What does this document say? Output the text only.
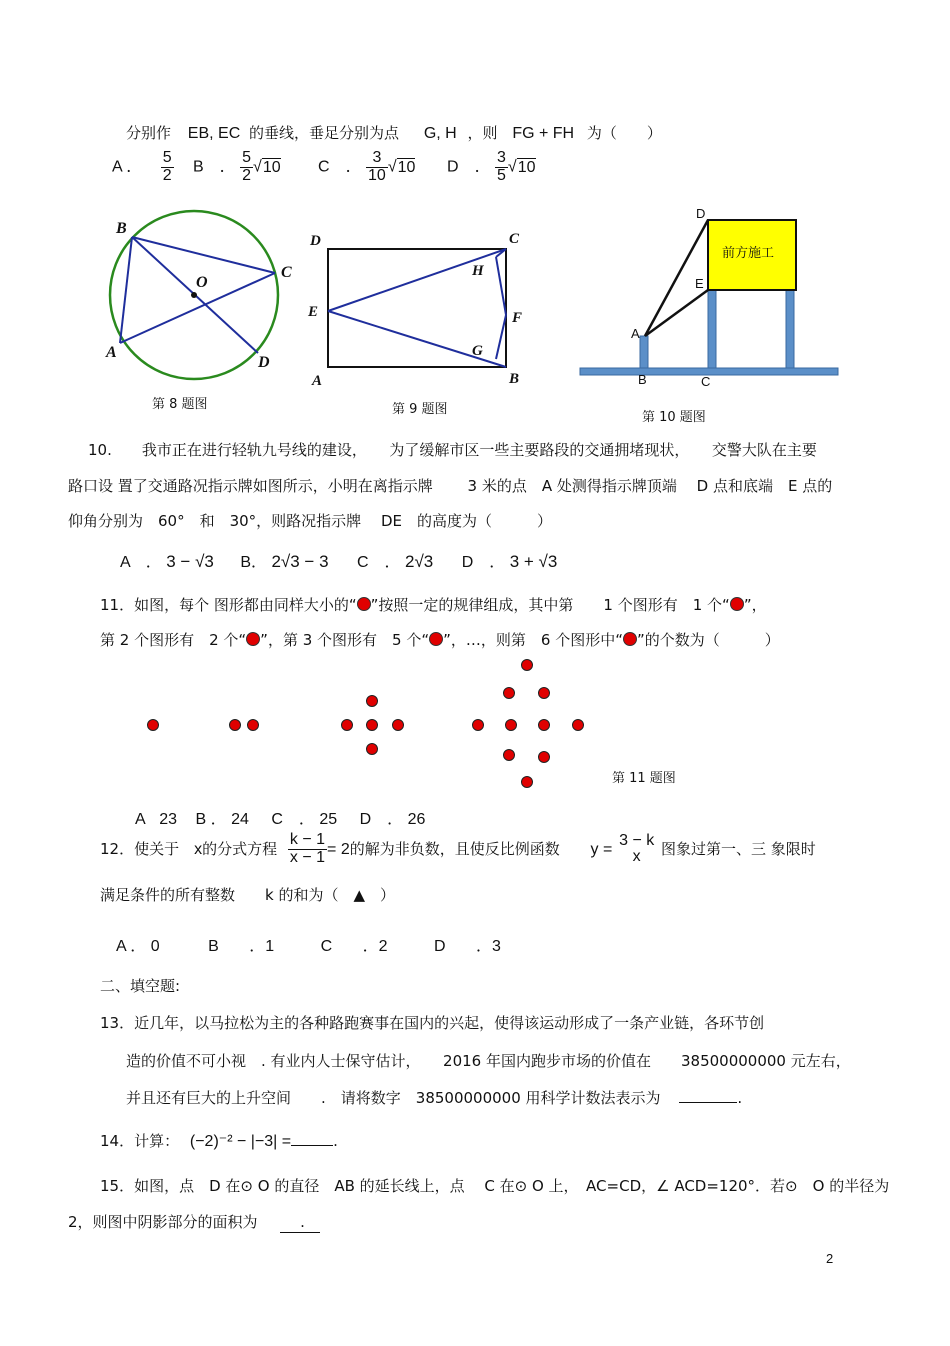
分别作 EB, EC 的垂线，垂足分别为点 G, H ，则 FG + FH 为（　　）
A ． $\frac{5}{2}$ B　． $\frac{5}{2} √10$ C　． $\frac{3}{10} √10$ D　． $\frac{3}{5} √10$
B
C
O
A
D
第 8 题图
D	C
H
E	F
G
A	B
第 9 题图
前方施工
D
E
A
B	C
第 10 题图
10.　　我市正在进行轻轨九号线的建设，　　为了缓解市区一些主要路段的交通拥堵现状，　　交警大队在主要
路口设 置了交通路况指示牌如图所示，小明在离指示牌　　 3 米的点　A 处测得指示牌顶端　 D 点和底端　E 点的
仰角分别为　60°　和　30°，则路况指示牌　 DE　的高度为（　　　）
A　． 3 − √3 B． 2√3 − 3 C　． 2√3 D　． 3 + √3
11．如图，每个 图形都由同样大小的“ ”按照一定的规律组成，其中第　　1 个图形有　1 个“ ”，
第 2 个图形有　2 个“ ”，第 3 个图形有　5 个“ ”，…，则第　6 个图形中“ ”的个数为（　　　）
第 11 题图
A 23 B ． 24 C　． 25 D　． 26
12．使关于　x的分式方程 $\frac{k - 1}{x - 1} = 2$的解为非负数，且使反比例函数 y =
3 − k
x	图象过第一、三 象限时
满足条件的所有整数　　k 的和为（　▲　）
A ． 0	B ．1	C ．2	D ．3
二、填空题:
13．近几年，以马拉松为主的各种路跑赛事在国内的兴起，使得该运动形成了一条产业链，各环节创
造的价值不可小视　. 有业内人士保守估计，　　2016 年国内跑步市场的价值在　　38500000000 元左右，
并且还有巨大的上升空间　　.　请将数字　38500000000 用科学计数法表示为	.
14．计算： (−2)⁻² − |−3| =	.
15．如图，点　D 在⊙ O 的直径　AB 的延长线上，点　 C 在⊙ O 上，　AC=CD，∠ ACD=120°．若⊙　O 的半径为
2，则图中阴影部分的面积为 　 .　
2
